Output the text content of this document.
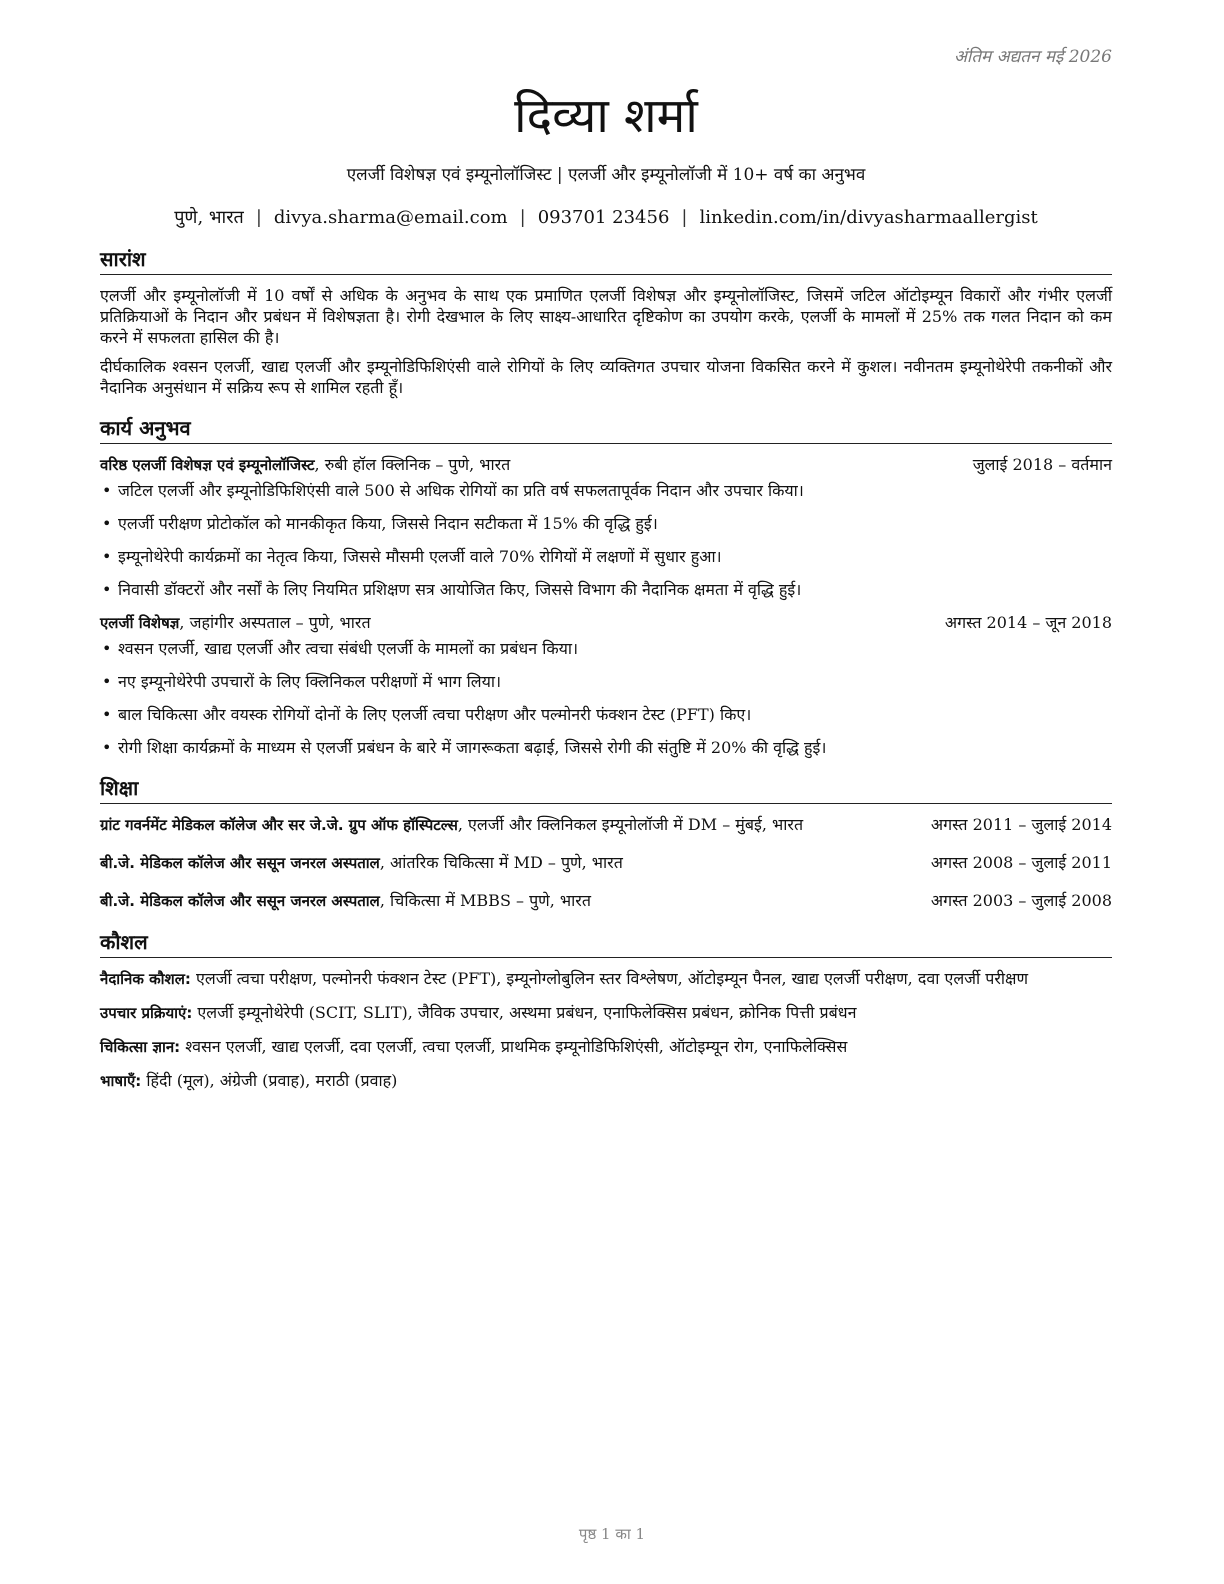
अंतिम अद्यतन मई 2026
दिव्या शर्मा
एलर्जी विशेषज्ञ एवं इम्यूनोलॉजिस्ट | एलर्जी और इम्यूनोलॉजी में 10+ वर्ष का अनुभव
पुणे, भारत | divya.sharma@email.com | 093701 23456 | linkedin.com/in/divyasharmaallergist
सारांश

एलर्जी और इम्यूनोलॉजी में 10 वर्षों से अधिक के अनुभव के साथ एक प्रमाणित एलर्जी विशेषज्ञ और इम्यूनोलॉजिस्ट, जिसमें जटिल ऑटोइम्यून विकारों और गंभीर एलर्जी प्रतिक्रियाओं के निदान और प्रबंधन में विशेषज्ञता है। रोगी देखभाल के लिए साक्ष्य-आधारित दृष्टिकोण का उपयोग करके, एलर्जी के मामलों में 25% तक गलत निदान को कम करने में सफलता हासिल की है।

दीर्घकालिक श्वसन एलर्जी, खाद्य एलर्जी और इम्यूनोडिफिशिएंसी वाले रोगियों के लिए व्यक्तिगत उपचार योजना विकसित करने में कुशल। नवीनतम इम्यूनोथेरेपी तकनीकों और नैदानिक अनुसंधान में सक्रिय रूप से शामिल रहती हूँ।

कार्य अनुभव
वरिष्ठ एलर्जी विशेषज्ञ एवं इम्यूनोलॉजिस्ट, रुबी हॉल क्लिनिक – पुणे, भारत	जुलाई 2018 – वर्तमान
• जटिल एलर्जी और इम्यूनोडिफिशिएंसी वाले 500 से अधिक रोगियों का प्रति वर्ष सफलतापूर्वक निदान और उपचार किया।
• एलर्जी परीक्षण प्रोटोकॉल को मानकीकृत किया, जिससे निदान सटीकता में 15% की वृद्धि हुई।
• इम्यूनोथेरेपी कार्यक्रमों का नेतृत्व किया, जिससे मौसमी एलर्जी वाले 70% रोगियों में लक्षणों में सुधार हुआ।
• निवासी डॉक्टरों और नर्सों के लिए नियमित प्रशिक्षण सत्र आयोजित किए, जिससे विभाग की नैदानिक क्षमता में वृद्धि हुई।
एलर्जी विशेषज्ञ, जहांगीर अस्पताल – पुणे, भारत	अगस्त 2014 – जून 2018
• श्वसन एलर्जी, खाद्य एलर्जी और त्वचा संबंधी एलर्जी के मामलों का प्रबंधन किया।
• नए इम्यूनोथेरेपी उपचारों के लिए क्लिनिकल परीक्षणों में भाग लिया।
• बाल चिकित्सा और वयस्क रोगियों दोनों के लिए एलर्जी त्वचा परीक्षण और पल्मोनरी फंक्शन टेस्ट (PFT) किए।
• रोगी शिक्षा कार्यक्रमों के माध्यम से एलर्जी प्रबंधन के बारे में जागरूकता बढ़ाई, जिससे रोगी की संतुष्टि में 20% की वृद्धि हुई।
शिक्षा
ग्रांट गवर्नमेंट मेडिकल कॉलेज और सर जे.जे. ग्रुप ऑफ हॉस्पिटल्स, एलर्जी और क्लिनिकल इम्यूनोलॉजी में DM – मुंबई, भारत	अगस्त 2011 – जुलाई 2014
बी.जे. मेडिकल कॉलेज और ससून जनरल अस्पताल, आंतरिक चिकित्सा में MD – पुणे, भारत	अगस्त 2008 – जुलाई 2011
बी.जे. मेडिकल कॉलेज और ससून जनरल अस्पताल, चिकित्सा में MBBS – पुणे, भारत	अगस्त 2003 – जुलाई 2008
कौशल
नैदानिक कौशल: एलर्जी त्वचा परीक्षण, पल्मोनरी फंक्शन टेस्ट (PFT), इम्यूनोग्लोबुलिन स्तर विश्लेषण, ऑटोइम्यून पैनल, खाद्य एलर्जी परीक्षण, दवा एलर्जी परीक्षण
उपचार प्रक्रियाएं: एलर्जी इम्यूनोथेरेपी (SCIT, SLIT), जैविक उपचार, अस्थमा प्रबंधन, एनाफिलेक्सिस प्रबंधन, क्रोनिक पित्ती प्रबंधन
चिकित्सा ज्ञान: श्वसन एलर्जी, खाद्य एलर्जी, दवा एलर्जी, त्वचा एलर्जी, प्राथमिक इम्यूनोडिफिशिएंसी, ऑटोइम्यून रोग, एनाफिलेक्सिस
भाषाएँ: हिंदी (मूल), अंग्रेजी (प्रवाह), मराठी (प्रवाह)
पृष्ठ 1 का 1
